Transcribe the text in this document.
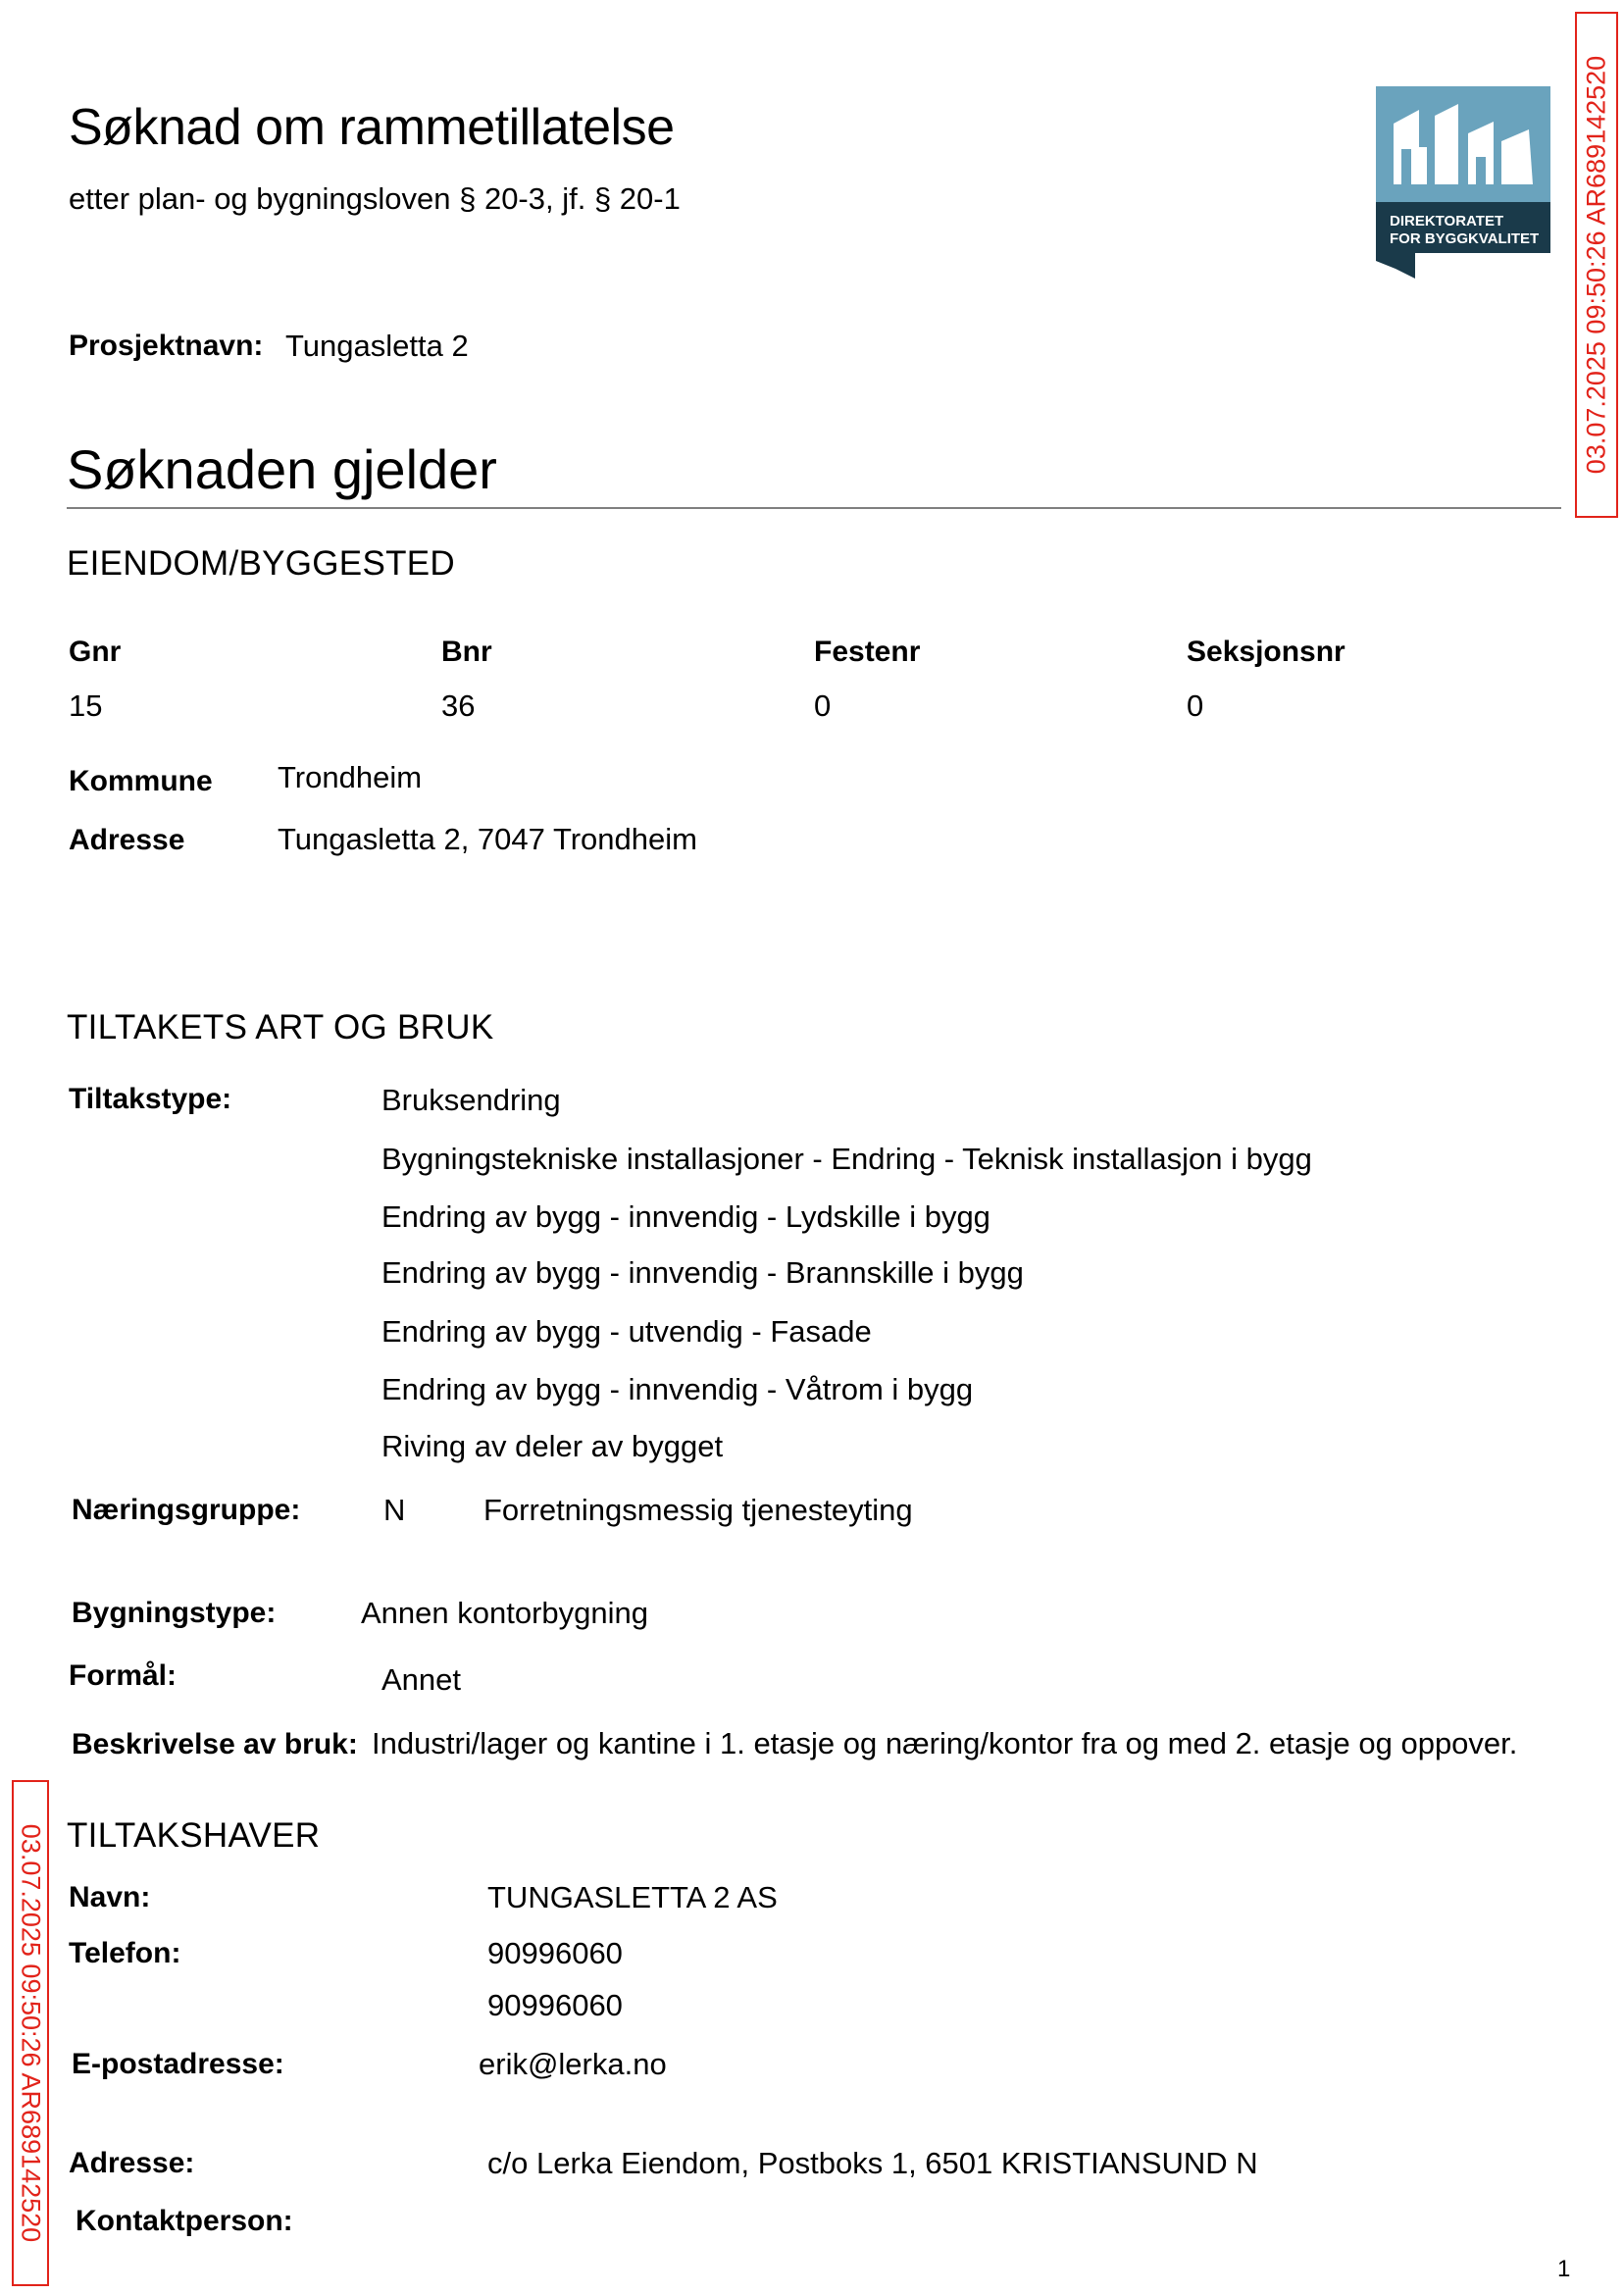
Søknad om rammetillatelse
etter plan- og bygningsloven § 20-3, jf. § 20-1
DIREKTORATET
FOR BYGGKVALITET 03.07.2025 09:50:26 AR689142520
03.07.2025 09:50:26 AR689142520
Prosjektnavn: Tungasletta 2
Søknaden gjelder
EIENDOM/BYGGESTED
Gnr	Bnr	Festenr	Seksjonsnr
15	36	0	0
Kommune Trondheim
Adresse	Tungasletta 2, 7047 Trondheim
TILTAKETS ART OG BRUK
Tiltakstype:	Bruksendring
Bygningstekniske installasjoner - Endring - Teknisk installasjon i bygg
Endring av bygg - innvendig - Lydskille i bygg
Endring av bygg - innvendig - Brannskille i bygg
Endring av bygg - utvendig - Fasade
Endring av bygg - innvendig - Våtrom i bygg
Riving av deler av bygget
Næringsgruppe:	N	Forretningsmessig tjenesteyting
Bygningstype:	Annen kontorbygning
Formål:	Annet
Beskrivelse av bruk: Industri/lager og kantine i 1. etasje og næring/kontor fra og med 2. etasje og oppover.
TILTAKSHAVER
Navn:	TUNGASLETTA 2 AS
Telefon:	90996060
90996060
E-postadresse:	erik@lerka.no
Adresse:	c/o Lerka Eiendom, Postboks 1, 6501 KRISTIANSUND N
Kontaktperson:
1
